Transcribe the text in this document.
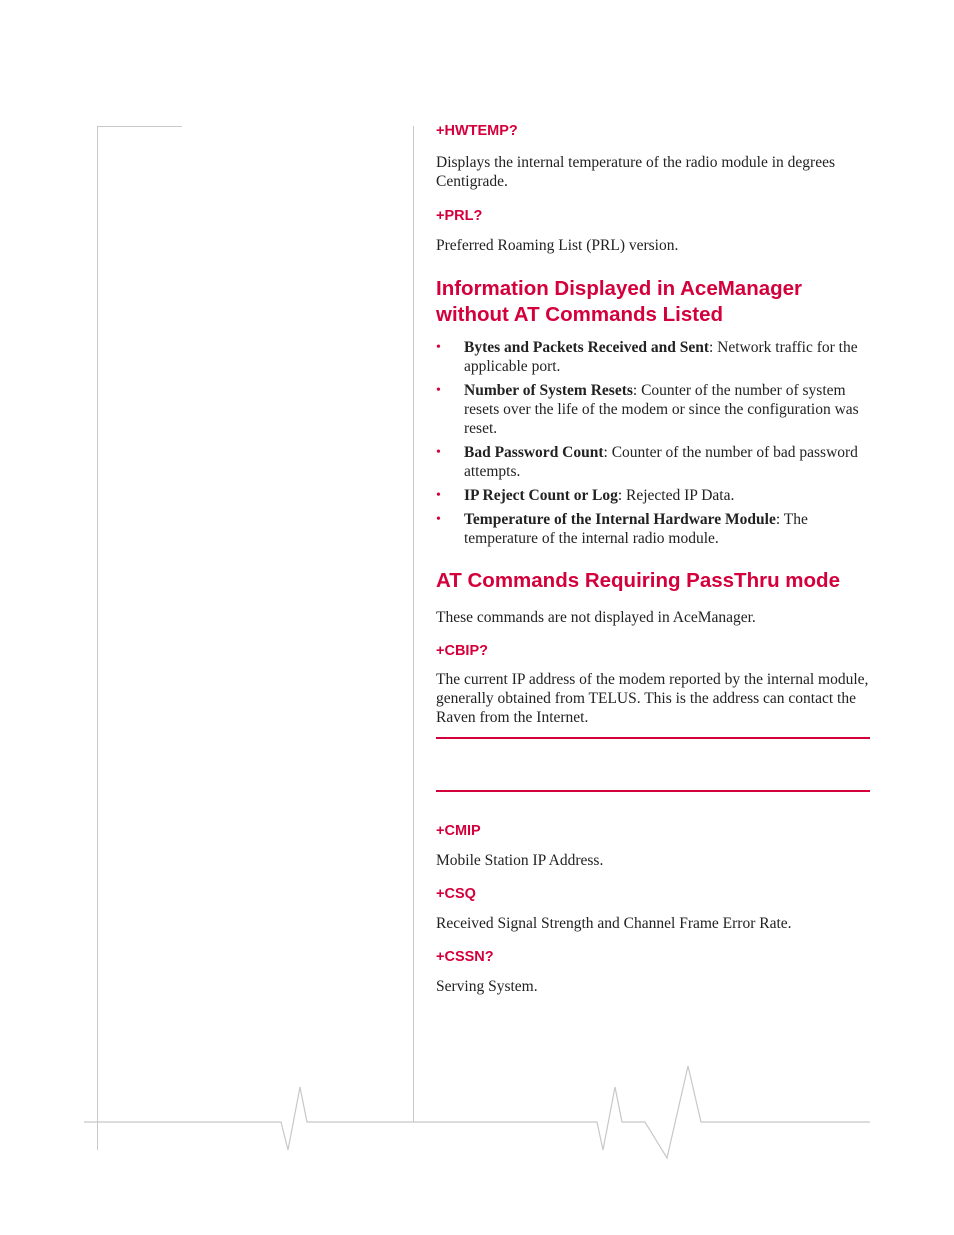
+HWTEMP?

Displays the internal temperature of the radio module in degrees Centigrade.

+PRL?

Preferred Roaming List (PRL) version.

Information Displayed in AceManager
without AT Commands Listed
• Bytes and Packets Received and Sent: Network traffic for the applicable port.
• Number of System Resets: Counter of the number of system resets over the life of the modem or since the configuration was reset.
• Bad Password Count: Counter of the number of bad password attempts.
• IP Reject Count or Log: Rejected IP Data.
• Temperature of the Internal Hardware Module: The temperature of the internal radio module.
AT Commands Requiring PassThru mode

These commands are not displayed in AceManager.

+CBIP?

The current IP address of the modem reported by the internal module, generally obtained from TELUS. This is the address can contact the Raven from the Internet.

+CMIP

Mobile Station IP Address.

+CSQ

Received Signal Strength and Channel Frame Error Rate.

+CSSN?

Serving System.
